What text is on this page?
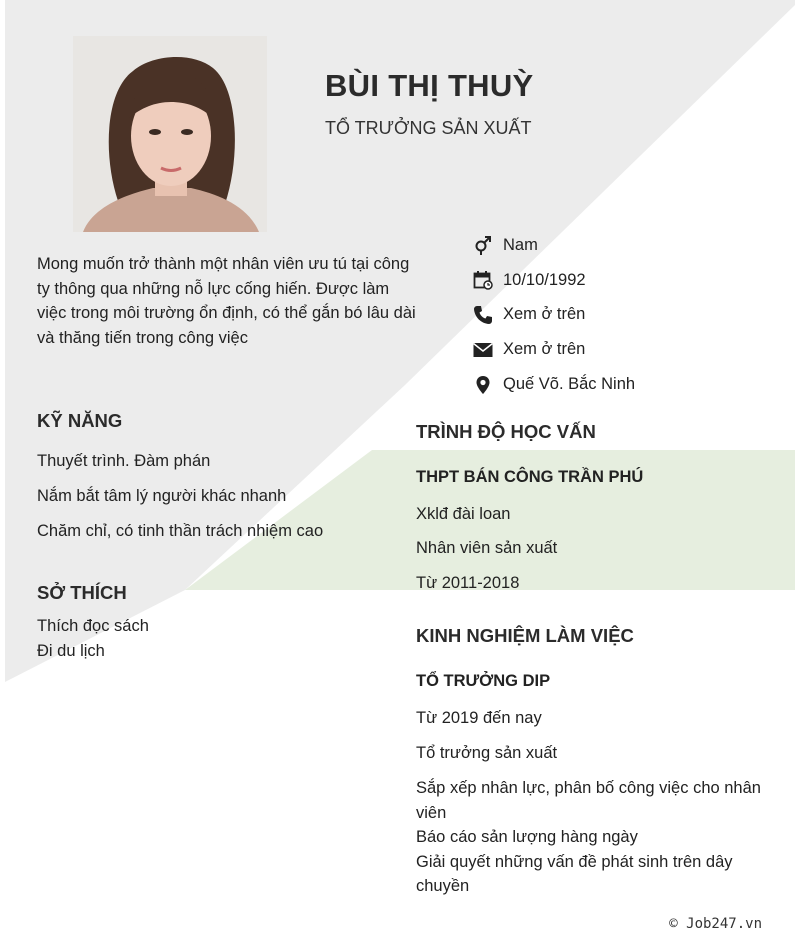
BÙI THỊ THUỲ
TỔ TRƯỞNG SẢN XUẤT
Mong muốn trở thành một nhân viên ưu tú tại công ty thông qua những nỗ lực cống hiến. Được làm việc trong môi trường ổn định, có thể gắn bó lâu dài và thăng tiến trong công việc
Nam
10/10/1992
Xem ở trên
Xem ở trên
Quế Võ. Bắc Ninh
KỸ NĂNG
Thuyết trình. Đàm phán
Nắm bắt tâm lý người khác nhanh
Chăm chỉ, có tinh thần trách nhiệm cao
SỞ THÍCH
Thích đọc sách
Đi du lịch
TRÌNH ĐỘ HỌC VẤN
THPT BÁN CÔNG TRẦN PHÚ
Xklđ đài loan
Nhân viên sản xuất
Từ 2011-2018
KINH NGHIỆM LÀM VIỆC
TỔ TRƯỞNG DIP
Từ 2019 đến nay
Tổ trưởng sản xuất
Sắp xếp nhân lực, phân bố công việc cho nhân viên
Báo cáo sản lượng hàng ngày
Giải quyết những vấn đề phát sinh trên dây chuyền
© Job247.vn
